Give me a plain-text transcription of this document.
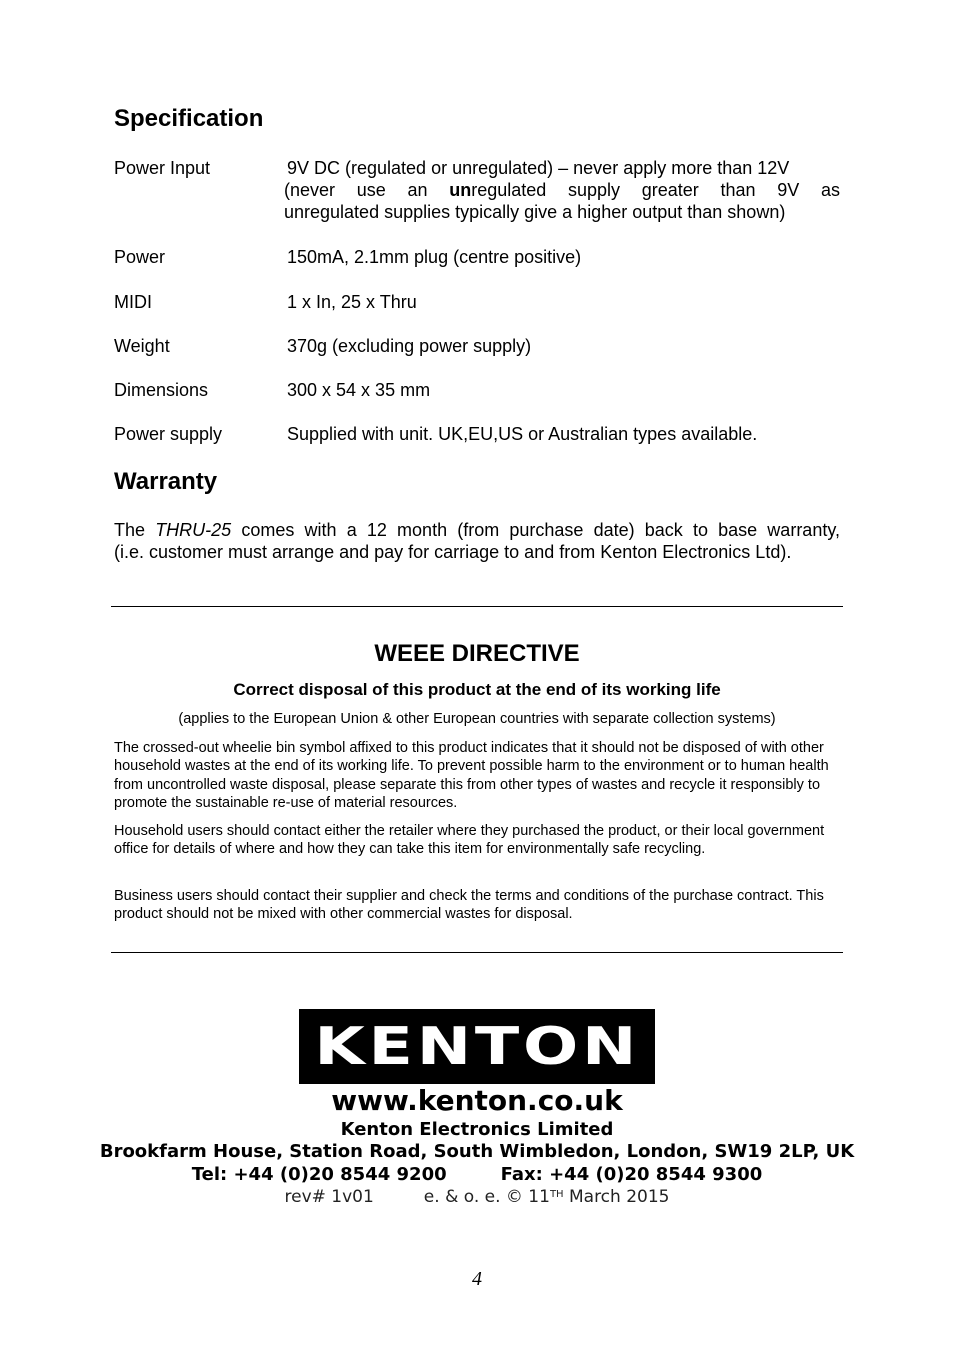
Specification
Power Input	9V DC (regulated or unregulated) – never apply more than 12V
(never use an unregulated supply greater than 9V as
unregulated supplies typically give a higher output than shown)
Power	150mA, 2.1mm plug (centre positive)
MIDI	1 x In, 25 x Thru
Weight	370g (excluding power supply)
Dimensions	300 x 54 x 35 mm
Power supply	Supplied with unit. UK,EU,US or Australian types available.
Warranty
The THRU-25 comes with a 12 month (from purchase date) back to base warranty,
(i.e. customer must arrange and pay for carriage to and from Kenton Electronics Ltd).
WEEE DIRECTIVE
Correct disposal of this product at the end of its working life
(applies to the European Union & other European countries with separate collection systems)
The crossed-out wheelie bin symbol affixed to this product indicates that it should not be disposed of with other household wastes at the end of its working life. To prevent possible harm to the environment or to human health from uncontrolled waste disposal, please separate this from other types of wastes and recycle it responsibly to promote the sustainable re-use of material resources.
Household users should contact either the retailer where they purchased the product, or their local government office for details of where and how they can take this item for environmentally safe recycling.
Business users should contact their supplier and check the terms and conditions of the purchase contract. This product should not be mixed with other commercial wastes for disposal.
KENTON
www.kenton.co.uk
Kenton Electronics Limited
Brookfarm House, Station Road, South Wimbledon, London, SW19 2LP, UK
Tel: +44 (0)20 8544 9200	Fax: +44 (0)20 8544 9300
rev# 1v01	e. & o. e. © 11TH March 2015
4
